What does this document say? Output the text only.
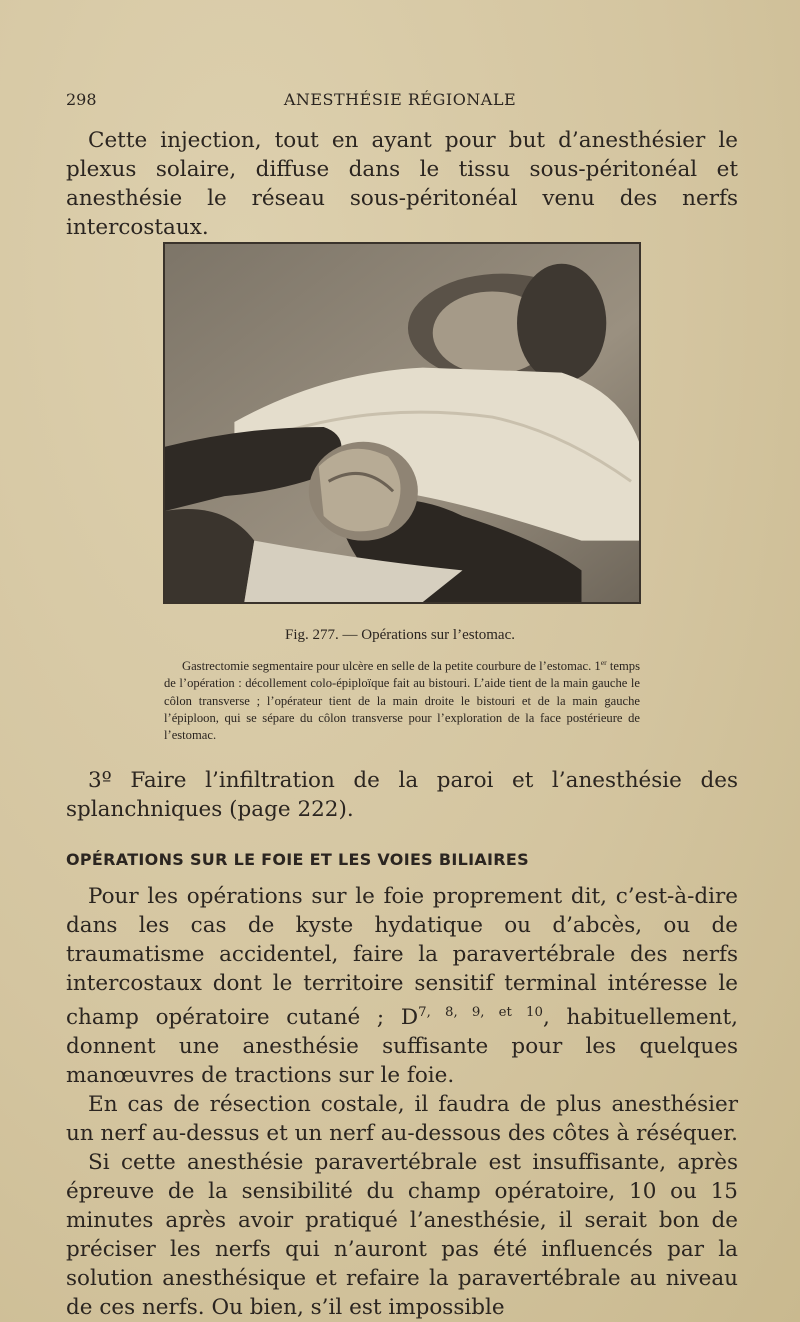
298	ANESTHÉSIE RÉGIONALE

Cette injection, tout en ayant pour but d’anesthésier le plexus solaire, diffuse dans le tissu sous-péritonéal et anesthésie le réseau sous-péritonéal venu des nerfs intercostaux.

Fig. 277. — Opérations sur l’estomac.
Gastrectomie segmentaire pour ulcère en selle de la petite courbure de l’estomac. 1er temps de l’opération : décollement colo-épiploïque fait au bistouri. L’aide tient de la main gauche le côlon transverse ; l’opérateur tient de la main droite le bistouri et de la main gauche l’épiploon, qui se sépare du côlon transverse pour l’exploration de la face postérieure de l’estomac.

3º Faire l’infiltration de la paroi et l’anesthésie des splanchniques (page 222).

OPÉRATIONS SUR LE FOIE ET LES VOIES BILIAIRES

Pour les opérations sur le foie proprement dit, c’est-à-dire dans les cas de kyste hydatique ou d’abcès, ou de traumatisme accidentel, faire la paravertébrale des nerfs intercostaux dont le territoire sensitif terminal intéresse le champ opératoire cutané ; $D^{7, 8, 9, et 10}$, habituellement, donnent une anesthésie suffisante pour les quelques manœuvres de tractions sur le foie.

En cas de résection costale, il faudra de plus anesthésier un nerf au-dessus et un nerf au-dessous des côtes à réséquer.

Si cette anesthésie paravertébrale est insuffisante, après épreuve de la sensibilité du champ opératoire, 10 ou 15 minutes après avoir pratiqué l’anesthésie, il serait bon de préciser les nerfs qui n’auront pas été influencés par la solution anesthésique et refaire la paravertébrale au niveau de ces nerfs. Ou bien, s’il est impossible
